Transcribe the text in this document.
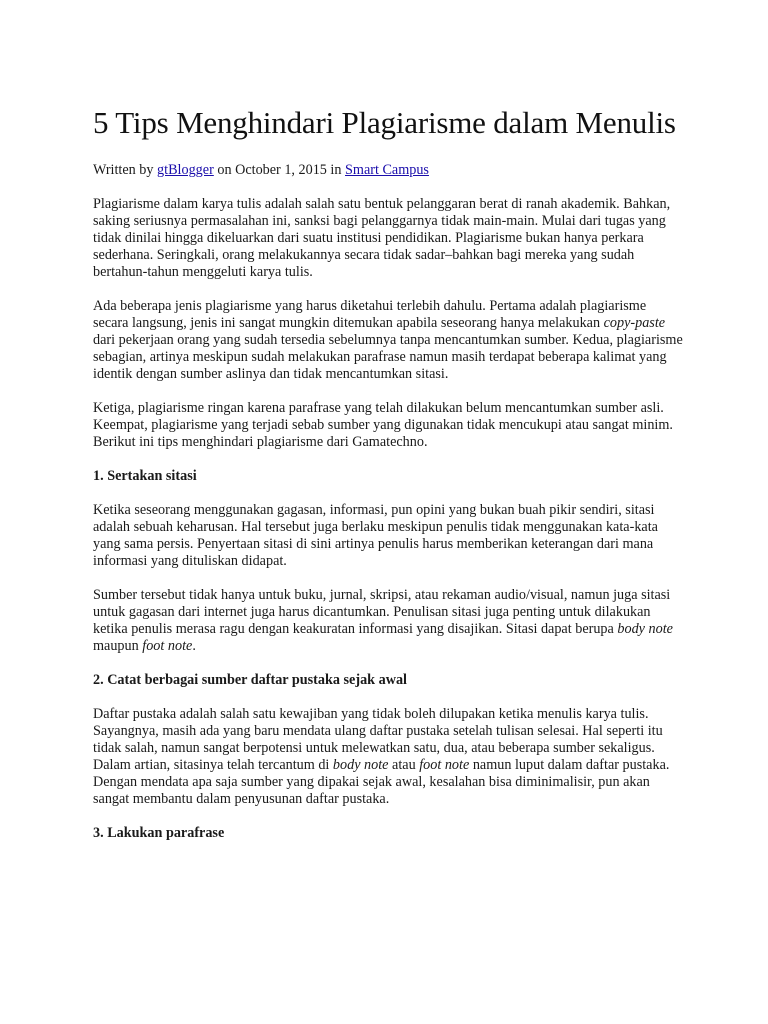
5 Tips Menghindari Plagiarisme dalam Menulis
Written by gtBlogger on October 1, 2015 in Smart Campus

Plagiarisme dalam karya tulis adalah salah satu bentuk pelanggaran berat di ranah akademik. Bahkan, saking seriusnya permasalahan ini, sanksi bagi pelanggarnya tidak main-main. Mulai dari tugas yang tidak dinilai hingga dikeluarkan dari suatu institusi pendidikan. Plagiarisme bukan hanya perkara sederhana. Seringkali, orang melakukannya secara tidak sadar–bahkan bagi mereka yang sudah bertahun-tahun menggeluti karya tulis.

Ada beberapa jenis plagiarisme yang harus diketahui terlebih dahulu. Pertama adalah plagiarisme secara langsung, jenis ini sangat mungkin ditemukan apabila seseorang hanya melakukan copy-paste dari pekerjaan orang yang sudah tersedia sebelumnya tanpa mencantumkan sumber. Kedua, plagiarisme sebagian, artinya meskipun sudah melakukan parafrase namun masih terdapat beberapa kalimat yang identik dengan sumber aslinya dan tidak mencantumkan sitasi.

Ketiga, plagiarisme ringan karena parafrase yang telah dilakukan belum mencantumkan sumber asli. Keempat, plagiarisme yang terjadi sebab sumber yang digunakan tidak mencukupi atau sangat minim. Berikut ini tips menghindari plagiarisme dari Gamatechno.

1. Sertakan sitasi

Ketika seseorang menggunakan gagasan, informasi, pun opini yang bukan buah pikir sendiri, sitasi adalah sebuah keharusan. Hal tersebut juga berlaku meskipun penulis tidak menggunakan kata-kata yang sama persis. Penyertaan sitasi di sini artinya penulis harus memberikan keterangan dari mana informasi yang dituliskan didapat.

Sumber tersebut tidak hanya untuk buku, jurnal, skripsi, atau rekaman audio/visual, namun juga sitasi untuk gagasan dari internet juga harus dicantumkan. Penulisan sitasi juga penting untuk dilakukan ketika penulis merasa ragu dengan keakuratan informasi yang disajikan. Sitasi dapat berupa body note maupun foot note.

2. Catat berbagai sumber daftar pustaka sejak awal

Daftar pustaka adalah salah satu kewajiban yang tidak boleh dilupakan ketika menulis karya tulis. Sayangnya, masih ada yang baru mendata ulang daftar pustaka setelah tulisan selesai. Hal seperti itu tidak salah, namun sangat berpotensi untuk melewatkan satu, dua, atau beberapa sumber sekaligus. Dalam artian, sitasinya telah tercantum di body note atau foot note namun luput dalam daftar pustaka. Dengan mendata apa saja sumber yang dipakai sejak awal, kesalahan bisa diminimalisir, pun akan sangat membantu dalam penyusunan daftar pustaka.

3. Lakukan parafrase
